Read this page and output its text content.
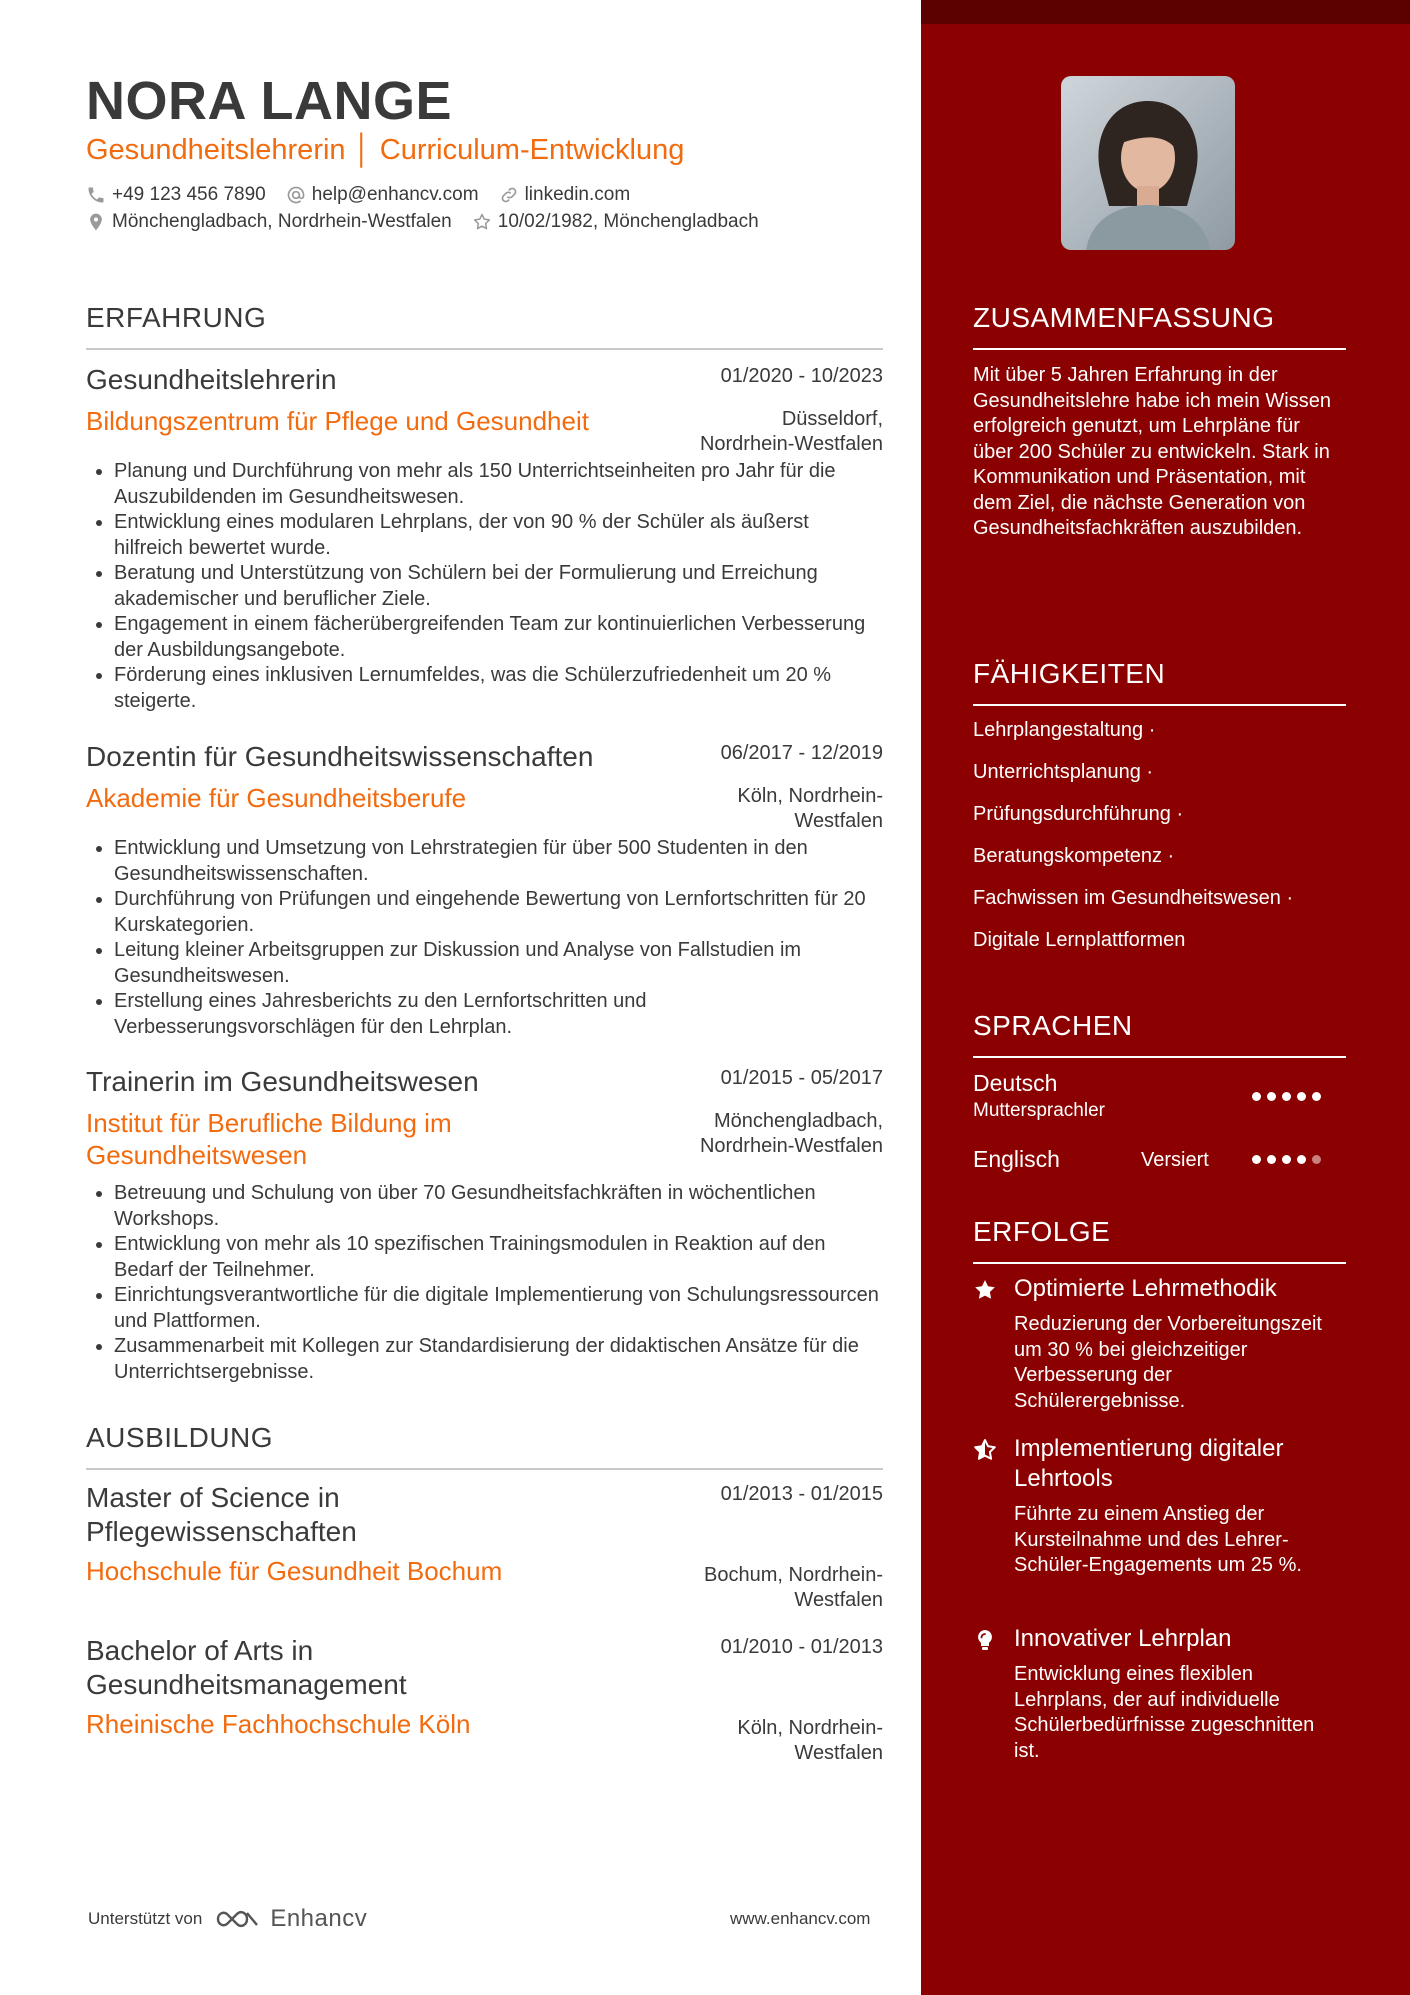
NORA LANGE
Gesundheitslehrerin │ Curriculum-Entwicklung
+49 123 456 7890 help@enhancv.com linkedin.com
Mönchengladbach, Nordrhein-Westfalen 10/02/1982, Mönchengladbach
ERFAHRUNG
Gesundheitslehrerin	01/2020 - 10/2023
Bildungszentrum für Pflege und Gesundheit	Düsseldorf,
Nordrhein-Westfalen
• Planung und Durchführung von mehr als 150 Unterrichtseinheiten pro Jahr für die Auszubildenden im Gesundheitswesen.
• Entwicklung eines modularen Lehrplans, der von 90 % der Schüler als äußerst hilfreich bewertet wurde.
• Beratung und Unterstützung von Schülern bei der Formulierung und Erreichung akademischer und beruflicher Ziele.
• Engagement in einem fächerübergreifenden Team zur kontinuierlichen Verbesserung der Ausbildungsangebote.
• Förderung eines inklusiven Lernumfeldes, was die Schülerzufriedenheit um 20 % steigerte.
Dozentin für Gesundheitswissenschaften	06/2017 - 12/2019
Akademie für Gesundheitsberufe	Köln, Nordrhein-
Westfalen
• Entwicklung und Umsetzung von Lehrstrategien für über 500 Studenten in den Gesundheitswissenschaften.
• Durchführung von Prüfungen und eingehende Bewertung von Lernfortschritten für 20 Kurskategorien.
• Leitung kleiner Arbeitsgruppen zur Diskussion und Analyse von Fallstudien im Gesundheitswesen.
• Erstellung eines Jahresberichts zu den Lernfortschritten und Verbesserungsvorschlägen für den Lehrplan.
Trainerin im Gesundheitswesen	01/2015 - 05/2017
Institut für Berufliche Bildung im
Gesundheitswesen
Mönchengladbach,
Nordrhein-Westfalen
• Betreuung und Schulung von über 70 Gesundheitsfachkräften in wöchentlichen Workshops.
• Entwicklung von mehr als 10 spezifischen Trainingsmodulen in Reaktion auf den Bedarf der Teilnehmer.
• Einrichtungsverantwortliche für die digitale Implementierung von Schulungsressourcen und Plattformen.
• Zusammenarbeit mit Kollegen zur Standardisierung der didaktischen Ansätze für die Unterrichtsergebnisse.
AUSBILDUNG
Master of Science in
Pflegewissenschaften
01/2013 - 01/2015
Hochschule für Gesundheit Bochum	Bochum, Nordrhein-
Westfalen
Bachelor of Arts in
Gesundheitsmanagement
01/2010 - 01/2013
Rheinische Fachhochschule Köln	Köln, Nordrhein-
Westfalen
Unterstützt von	Enhancv	www.enhancv.com
ZUSAMMENFASSUNG
Mit über 5 Jahren Erfahrung in der Gesundheitslehre habe ich mein Wissen erfolgreich genutzt, um Lehrpläne für über 200 Schüler zu entwickeln. Stark in Kommunikation und Präsentation, mit dem Ziel, die nächste Generation von Gesundheitsfachkräften auszubilden.
FÄHIGKEITEN
Lehrplangestaltung ·
Unterrichtsplanung ·
Prüfungsdurchführung ·
Beratungskompetenz ·
Fachwissen im Gesundheitswesen ·
Digitale Lernplattformen
SPRACHEN
Deutsch
Muttersprachler
Englisch	Versiert
ERFOLGE
Optimierte Lehrmethodik
Reduzierung der Vorbereitungszeit um 30 % bei gleichzeitiger Verbesserung der Schülerergebnisse.
Implementierung digitaler Lehrtools
Führte zu einem Anstieg der Kursteilnahme und des Lehrer-Schüler-Engagements um 25 %.
Innovativer Lehrplan
Entwicklung eines flexiblen Lehrplans, der auf individuelle Schülerbedürfnisse zugeschnitten ist.
